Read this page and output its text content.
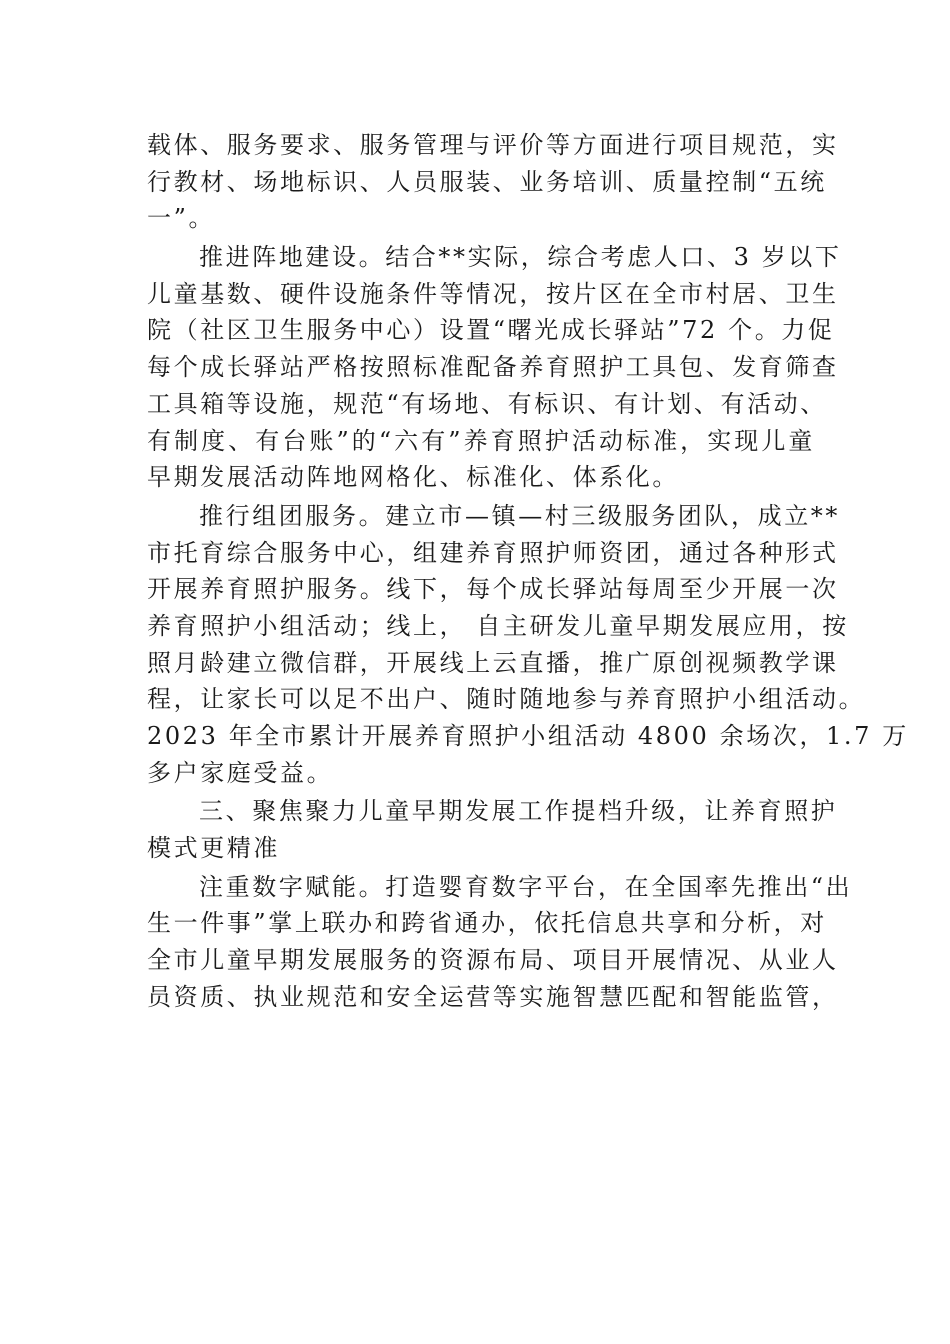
载体、服务要求、服务管理与评价等方面进行项目规范，实
行教材、场地标识、人员服装、业务培训、质量控制“五统
一”。
推进阵地建设。结合**实际，综合考虑人口、3 岁以下
儿童基数、硬件设施条件等情况，按片区在全市村居、卫生
院（社区卫生服务中心）设置“曙光成长驿站”72 个。力促
每个成长驿站严格按照标准配备养育照护工具包、发育筛查
工具箱等设施，规范“有场地、有标识、有计划、有活动、
有制度、有台账”的“六有”养育照护活动标准，实现儿童
早期发展活动阵地网格化、标准化、体系化。
推行组团服务。建立市—镇—村三级服务团队，成立**
市托育综合服务中心，组建养育照护师资团，通过各种形式
开展养育照护服务。线下，每个成长驿站每周至少开展一次
养育照护小组活动；线上， 自主研发儿童早期发展应用，按
照月龄建立微信群，开展线上云直播，推广原创视频教学课
程，让家长可以足不出户、随时随地参与养育照护小组活动。
2023 年全市累计开展养育照护小组活动 4800 余场次，1.7 万
多户家庭受益。
三、聚焦聚力儿童早期发展工作提档升级，让养育照护
模式更精准
注重数字赋能。打造婴育数字平台，在全国率先推出“出
生一件事”掌上联办和跨省通办，依托信息共享和分析，对
全市儿童早期发展服务的资源布局、项目开展情况、从业人
员资质、执业规范和安全运营等实施智慧匹配和智能监管，
